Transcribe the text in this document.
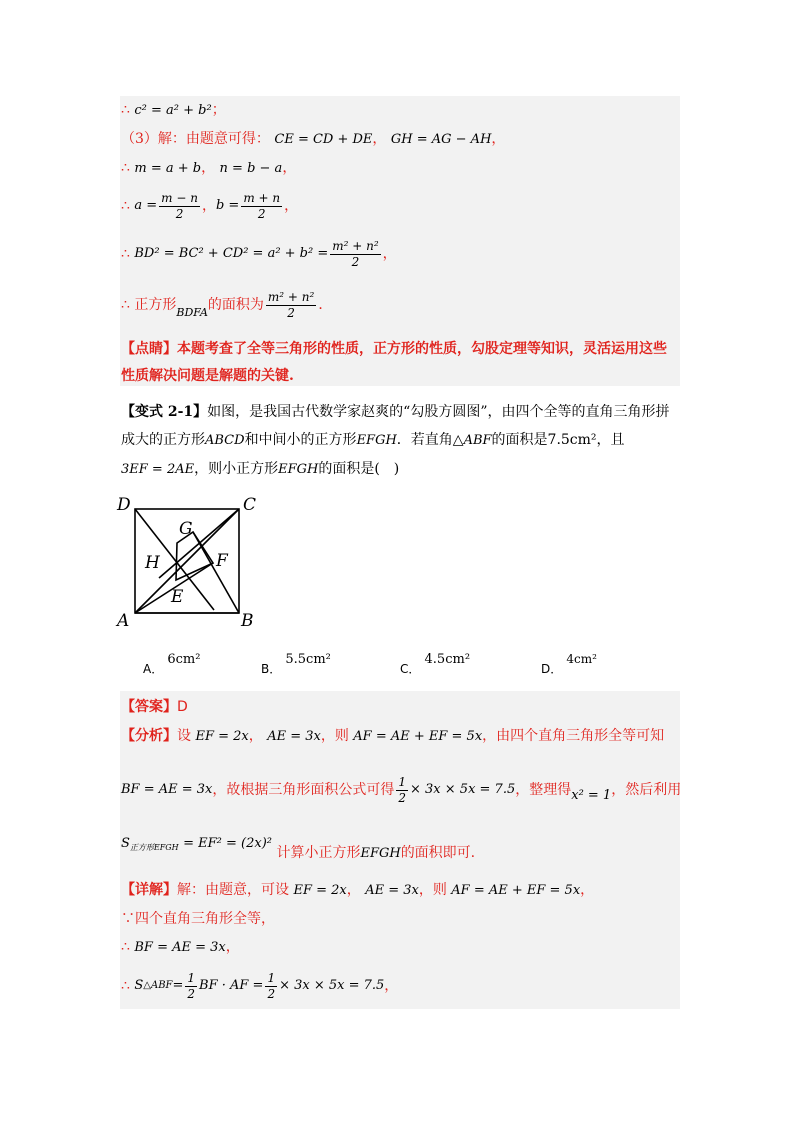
∴ c² = a² + b²；
（3）解：由题意可得： CE = CD + DE， GH = AG − AH，
∴ m = a + b， n = b − a，
∴
$a = \frac{m - n}{2}$ ， $b = \frac{m + n}{2}$ ，
∴
$BD^2 = BC^2 + CD^2 = a^2 + b^2 = \frac{\text{m² + n²}}{2}$ ，
∴
正方形 BDFA 的面积为 $\frac{\text{m² + n²}}{2}$ ．
【点睛】本题考查了全等三角形的性质，正方形的性质，勾股定理等知识，灵活运用这些
性质解决问题是解题的关键.
【变式 2-1】如图，是我国古代数学家赵爽的“勾股方圆图”，由四个全等的直角三角形拼
成大的正方形ABCD和中间小的正方形EFGH．若直角△ABF的面积是7.5cm²，且
3EF = 2AE，则小正方形EFGH的面积是(　)
D	C
A	B
G
H	F
E
A． 6cm²
B． 5.5cm²
C． 4.5cm²
D． 4cm²
【答案】D
【分析】设 EF = 2x， AE = 3x，则 AF = AE + EF = 5x，由四个直角三角形全等可知
BF = AE = 3x ，故根据三角形面积公式可得 $\frac{1}{2} \times 3x \times 5x = 7.5$ ，整理得 x² = 1 ，然后利用
$S_{正方形EFGH} = EF^2 = (2x)^2$ 计算小正方形EFGH的面积即可.
【详解】解：由题意，可设 EF = 2x， AE = 3x，则 AF = AE + EF = 5x，
∵四个直角三角形全等，
∴ BF = AE = 3x，
∴
S △ABF = $\frac{1}{2}$ BF · AF = $\frac{1}{2} \times 3x \times 5x = 7.5$ ，
